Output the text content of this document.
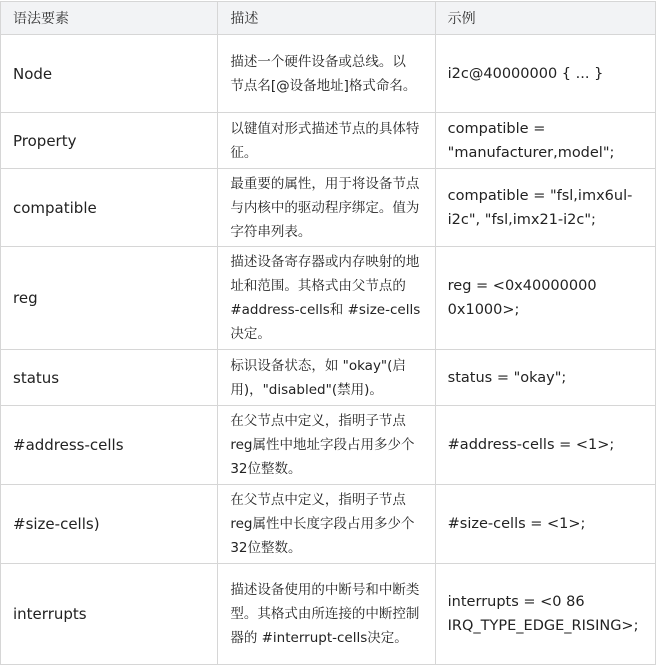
语法要素	描述	示例
Node	描述一个硬件设备或总线。以 节点名[@设备地址]格式命名。	i2c@40000000 { ... }
Property	以键值对形式描述节点的具体特征。	compatible = "manufacturer,model";
compatible	最重要的属性，用于将设备节点与内核中的驱动程序绑定。值为字符串列表。	compatible = "fsl,imx6ul-i2c", "fsl,imx21-i2c";
reg	描述设备寄存器或内存映射的地址和范围。其格式由父节点的 #address-cells和 #size-cells决定。	reg = <0x40000000 0x1000>;
status	标识设备状态，如 "okay"(启用)，"disabled"(禁用)。	status = "okay";
#address-cells	在父节点中定义，指明子节点 reg属性中地址字段占用多少个32位整数。	#address-cells = <1>;
#size-cells)	在父节点中定义，指明子节点 reg属性中长度字段占用多少个32位整数。	#size-cells = <1>;
interrupts	描述设备使用的中断号和中断类型。其格式由所连接的中断控制器的 #interrupt-cells决定。	interrupts = <0 86 IRQ_TYPE_EDGE_RISING>;
